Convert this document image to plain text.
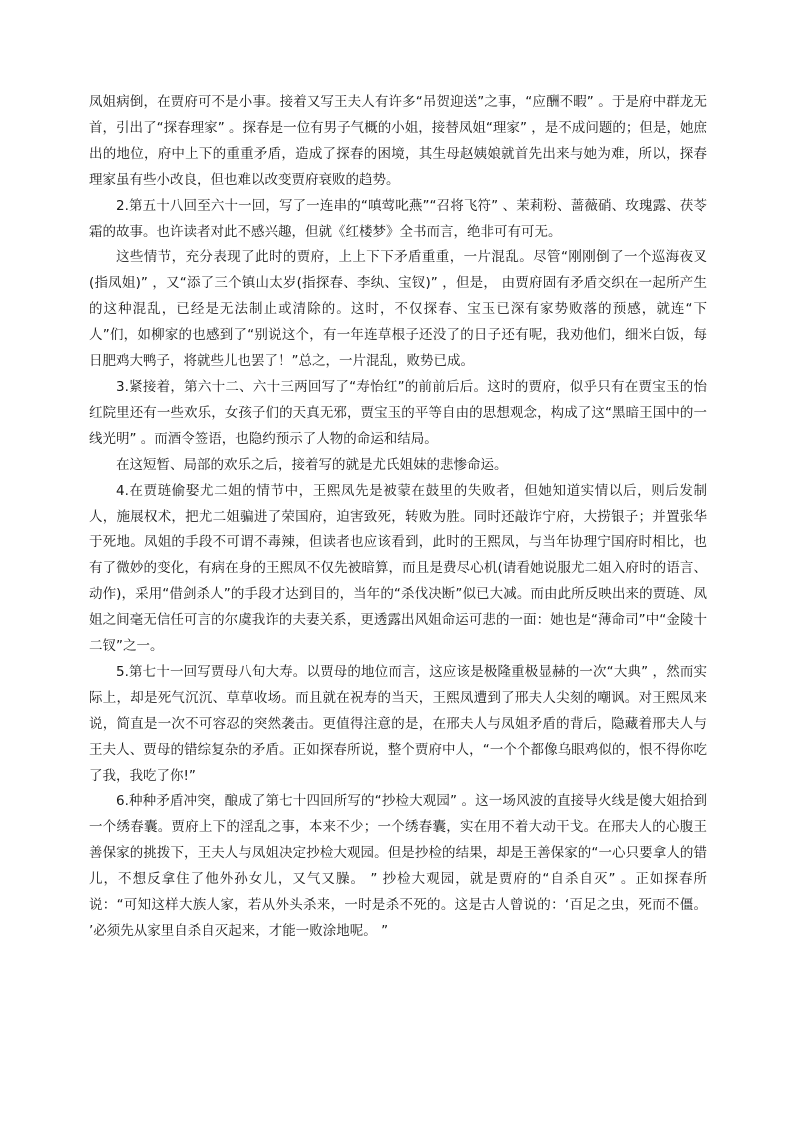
凤姐病倒，在贾府可不是小事。接着又写王夫人有许多“吊贺迎送”之事，“应酬不暇” 。于是府中群龙无首，引出了“探春理家” 。探春是一位有男子气概的小姐，接替凤姐“理家” ，是不成问题的；但是，她庶出的地位，府中上下的重重矛盾，造成了探春的困境，其生母赵姨娘就首先出来与她为难，所以，探春理家虽有些小改良，但也难以改变贾府衰败的趋势。

2.第五十八回至六十一回，写了一连串的“嗔莺叱燕”“召将飞符” 、茉莉粉、蔷薇硝、玫瑰露、茯苓霜的故事。也许读者对此不感兴趣，但就《红楼梦》全书而言，绝非可有可无。

这些情节，充分表现了此时的贾府，上上下下矛盾重重，一片混乱。尽管“刚刚倒了一个巡海夜叉(指凤姐)” ，又“添了三个镇山太岁(指探春、李纨、宝钗)” ，但是， 由贾府固有矛盾交织在一起所产生的这种混乱，已经是无法制止或清除的。这时，不仅探春、宝玉已深有家势败落的预感，就连“下人”们，如柳家的也感到了“别说这个，有一年连草根子还没了的日子还有呢，我劝他们，细米白饭，每日肥鸡大鸭子，将就些儿也罢了！”总之，一片混乱，败势已成。

3.紧接着，第六十二、六十三两回写了“寿怡红”的前前后后。这时的贾府，似乎只有在贾宝玉的怡红院里还有一些欢乐，女孩子们的天真无邪，贾宝玉的平等自由的思想观念，构成了这“黑暗王国中的一线光明” 。而酒令签语，也隐约预示了人物的命运和结局。

在这短暂、局部的欢乐之后，接着写的就是尤氏姐妹的悲惨命运。

4.在贾琏偷娶尤二姐的情节中，王熙凤先是被蒙在鼓里的失败者，但她知道实情以后，则后发制人，施展权术，把尤二姐骗进了荣国府，迫害致死，转败为胜。同时还敲诈宁府，大捞银子；并置张华于死地。凤姐的手段不可谓不毒辣，但读者也应该看到，此时的王熙凤，与当年协理宁国府时相比，也有了微妙的变化，有病在身的王熙凤不仅先被暗算，而且是费尽心机(请看她说服尤二姐入府时的语言、动作)，采用“借剑杀人”的手段才达到目的，当年的“杀伐决断”似已大减。而由此所反映出来的贾琏、凤姐之间毫无信任可言的尔虞我诈的夫妻关系，更透露出风姐命运可悲的一面：她也是“薄命司”中“金陵十二钗”之一。

5.第七十一回写贾母八旬大寿。以贾母的地位而言，这应该是极隆重极显赫的一次“大典” ，然而实际上，却是死气沉沉、草草收场。而且就在祝寿的当天，王熙凤遭到了邢夫人尖刻的嘲讽。对王熙凤来说，简直是一次不可容忍的突然袭击。更值得注意的是，在邢夫人与凤姐矛盾的背后，隐藏着邢夫人与王夫人、贾母的错综复杂的矛盾。正如探春所说，整个贾府中人，“一个个都像乌眼鸡似的，恨不得你吃了我，我吃了你!”

6.种种矛盾冲突，酿成了第七十四回所写的“抄检大观园” 。这一场风波的直接导火线是傻大姐拾到一个绣春囊。贾府上下的淫乱之事，本来不少；一个绣春囊，实在用不着大动干戈。在邢夫人的心腹王善保家的挑拨下，王夫人与凤姐决定抄检大观园。但是抄检的结果，却是王善保家的“一心只要拿人的错儿，不想反拿住了他外孙女儿，又气又臊。 ” 抄检大观园，就是贾府的“自杀自灭” 。正如探春所说：“可知这样大族人家，若从外头杀来，一时是杀不死的。这是古人曾说的：‘百足之虫，死而不僵。 ’必须先从家里自杀自灭起来，才能一败涂地呢。 ”
